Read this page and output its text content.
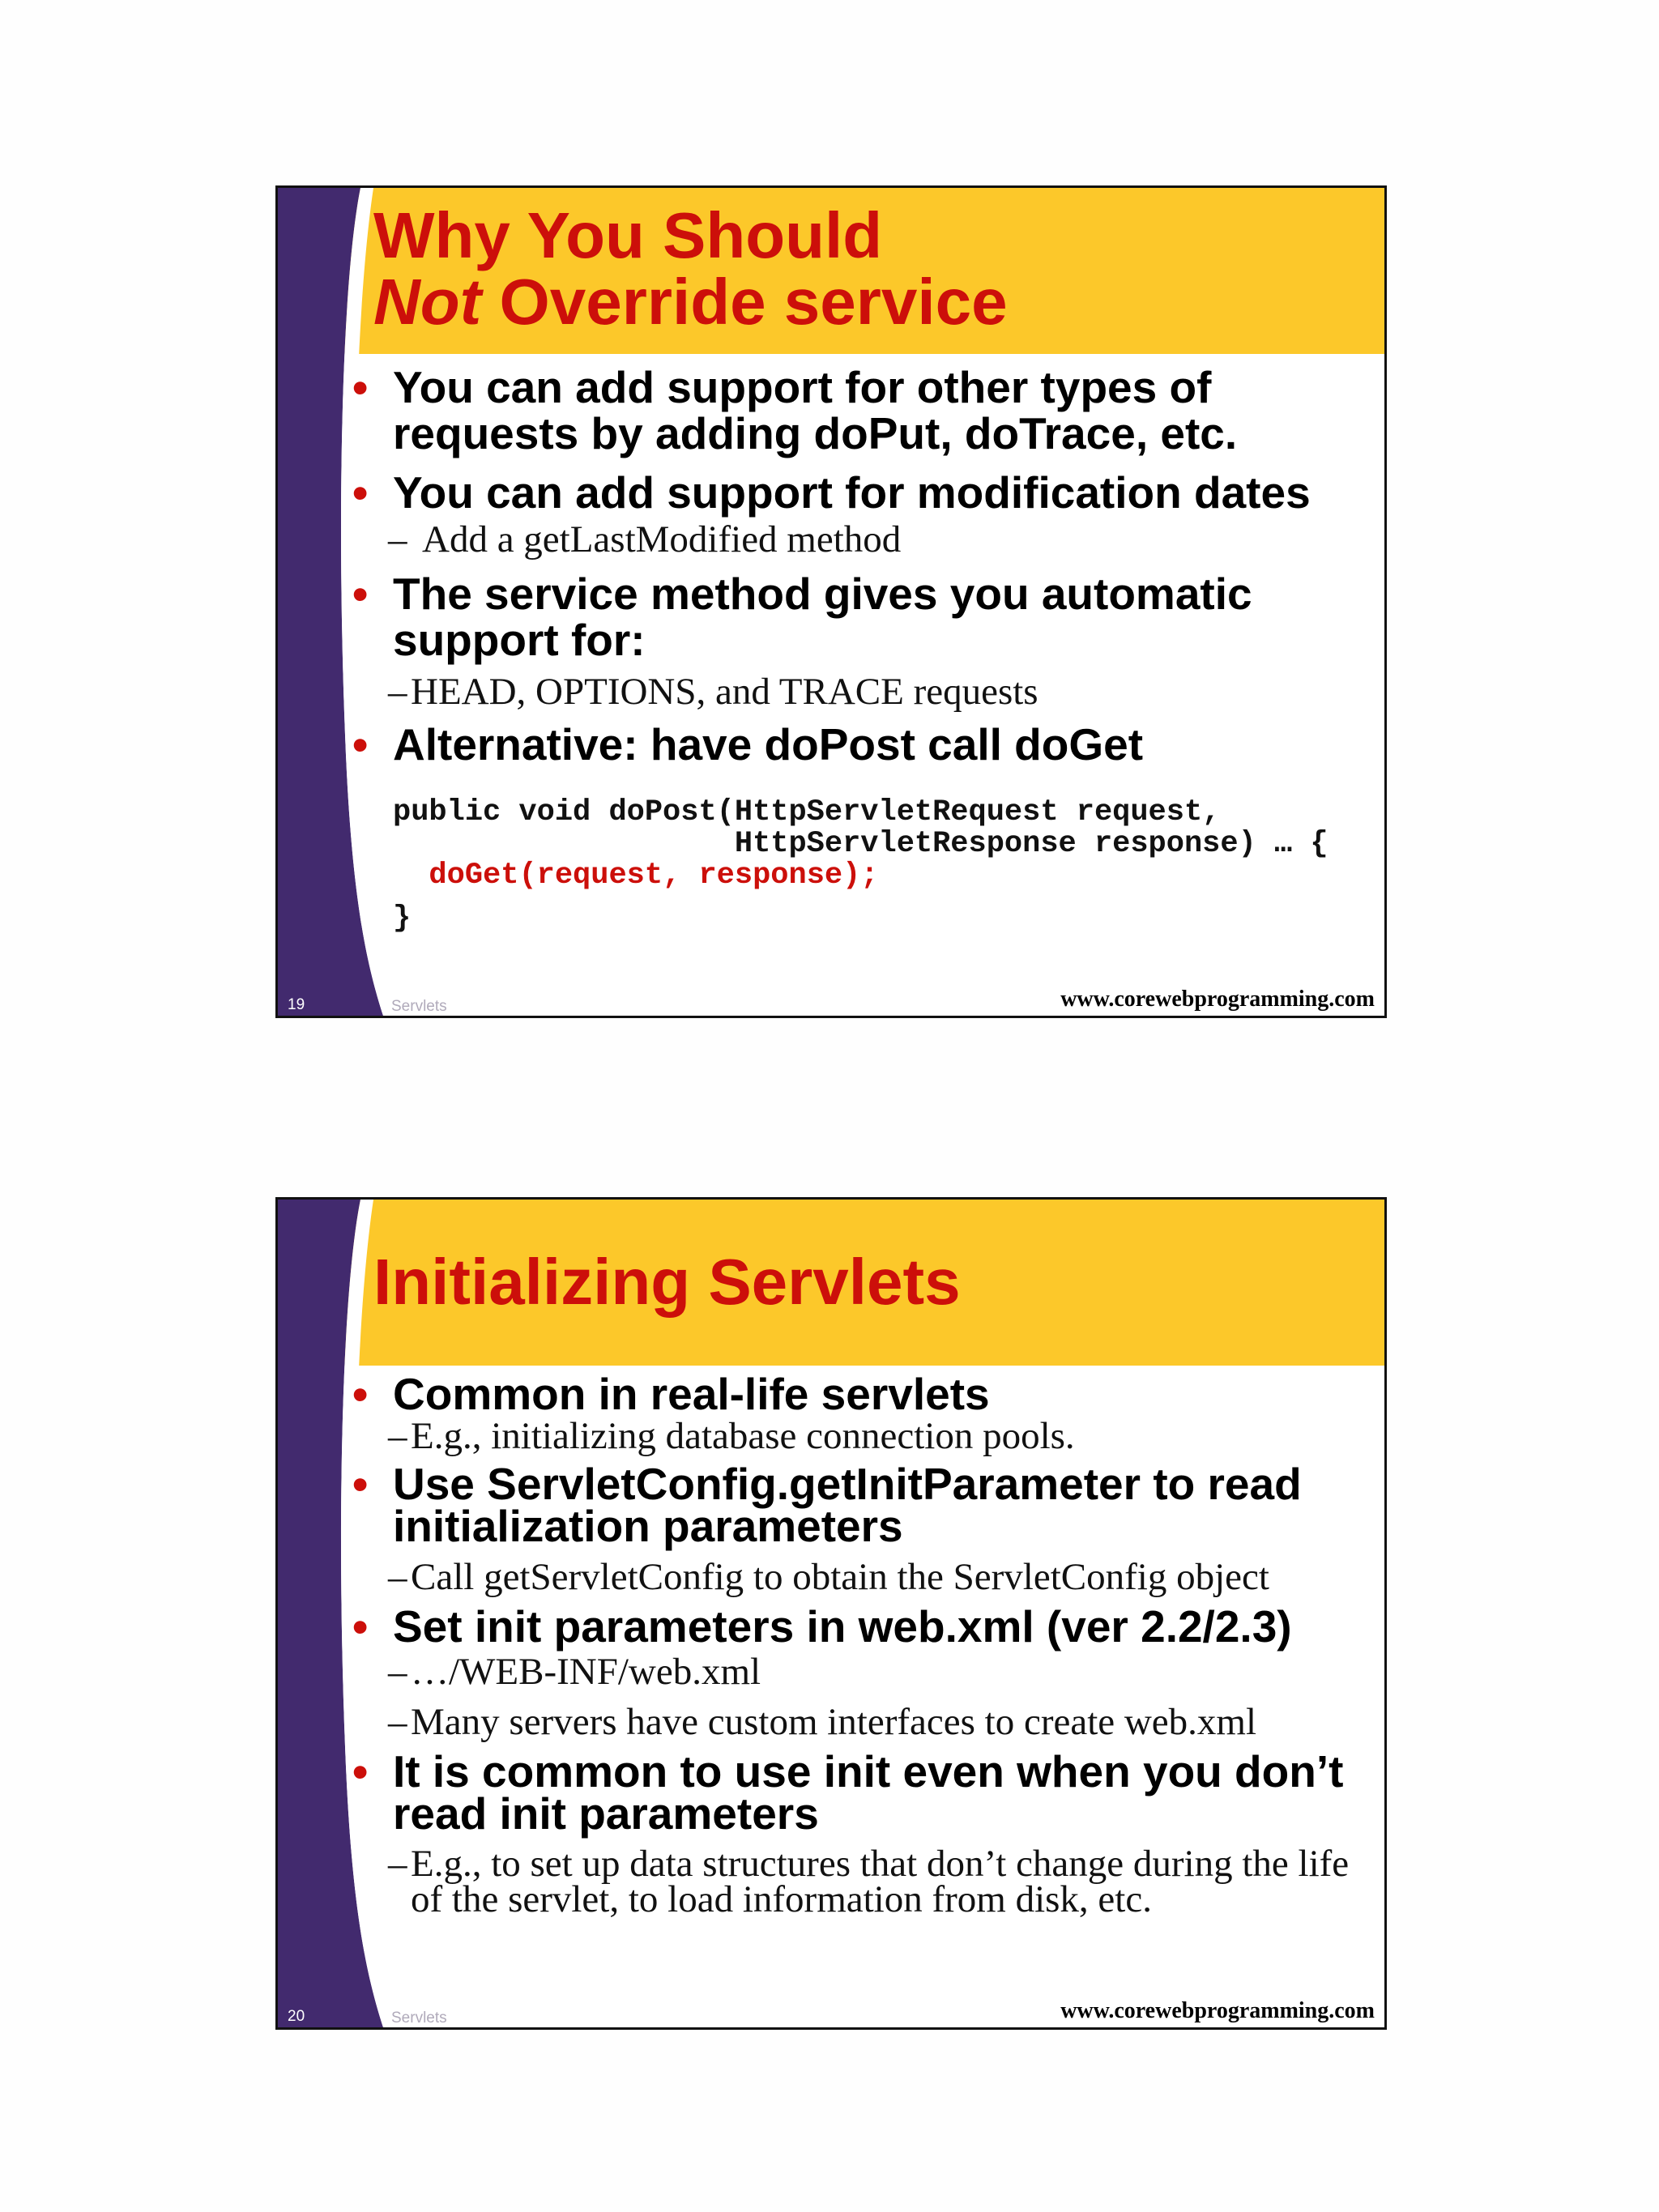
Why You Should
Not Override service
• You can add support for other types of requests by adding doPut, doTrace, etc.
• You can add support for modification dates
– Add a getLastModified method
• The service method gives you automatic support for:
– HEAD, OPTIONS, and TRACE requests
• Alternative: have doPost call doGet
public void doPost(HttpServletRequest request,
HttpServletResponse response) … {
doGet(request, response);
}
19	Servlets	www.corewebprogramming.com
Initializing Servlets
• Common in real-life servlets
– E.g., initializing database connection pools.
• Use ServletConfig.getInitParameter to read initialization parameters
– Call getServletConfig to obtain the ServletConfig object
• Set init parameters in web.xml (ver 2.2/2.3)
– …/WEB-INF/web.xml
– Many servers have custom interfaces to create web.xml
• It is common to use init even when you don’t read init parameters
– E.g., to set up data structures that don’t change during the life of the servlet, to load information from disk, etc.
20	Servlets	www.corewebprogramming.com
